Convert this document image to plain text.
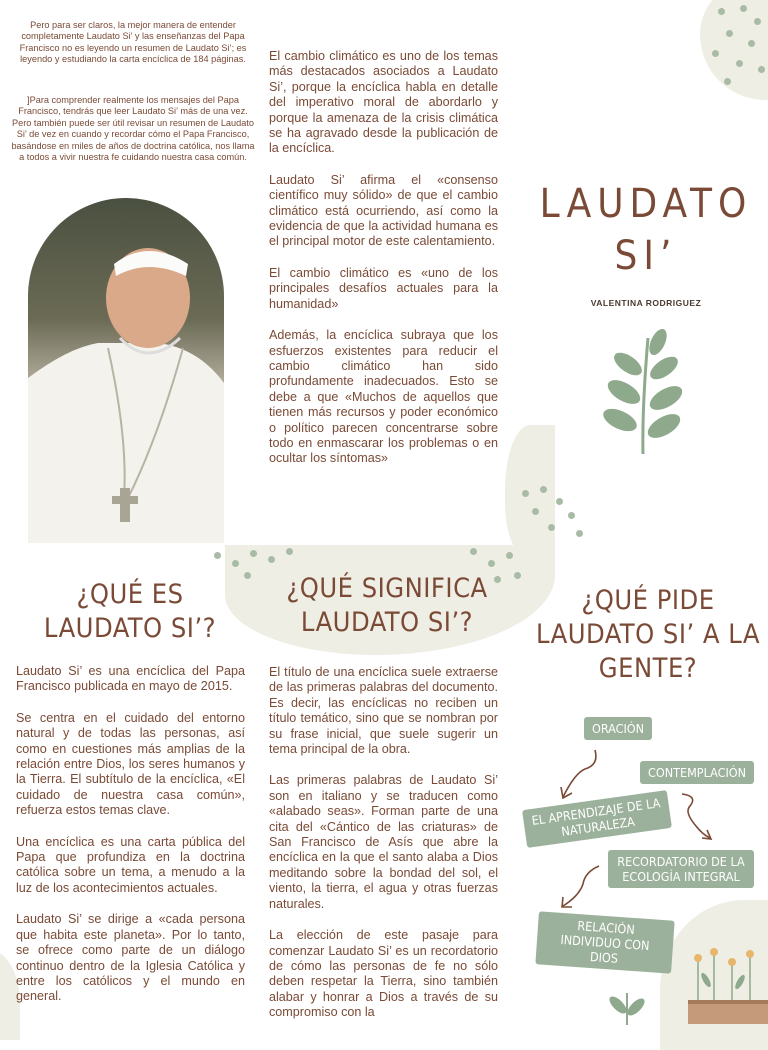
Pero para ser claros, la mejor manera de entender completamente Laudato Si’ y las enseñanzas del Papa Francisco no es leyendo un resumen de Laudato Si’; es leyendo y estudiando la carta encíclica de 184 páginas.
]Para comprender realmente los mensajes del Papa Francisco, tendrás que leer Laudato Si’ más de una vez. Pero también puede ser útil revisar un resumen de Laudato Si’ de vez en cuando y recordar cómo el Papa Francisco, basándose en miles de años de doctrina católica, nos llama a todos a vivir nuestra fe cuidando nuestra casa común.

El cambio climático es uno de los temas más destacados asociados a Laudato Si’, porque la encíclica habla en detalle del imperativo moral de abordarlo y porque la amenaza de la crisis climática se ha agravado desde la publicación de la encíclica.

Laudato Si’ afirma el «consenso científico muy sólido» de que el cambio climático está ocurriendo, así como la evidencia de que la actividad humana es el principal motor de este calentamiento.

El cambio climático es «uno de los principales desafíos actuales para la humanidad»

Además, la encíclica subraya que los esfuerzos existentes para reducir el cambio climático han sido profundamente inadecuados. Esto se debe a que «Muchos de aquellos que tienen más recursos y poder económico o político parecen concentrarse sobre todo en enmascarar los problemas o en ocultar los síntomas»

LAUDATO
SI’
VALENTINA RODRIGUEZ
¿QUÉ ES
LAUDATO SI’?

Laudato Si’ es una encíclica del Papa Francisco publicada en mayo de 2015.

Se centra en el cuidado del entorno natural y de todas las personas, así como en cuestiones más amplias de la relación entre Dios, los seres humanos y la Tierra. El subtítulo de la encíclica, «El cuidado de nuestra casa común», refuerza estos temas clave.

Una encíclica es una carta pública del Papa que profundiza en la doctrina católica sobre un tema, a menudo a la luz de los acontecimientos actuales.

Laudato Si’ se dirige a «cada persona que habita este planeta». Por lo tanto, se ofrece como parte de un diálogo continuo dentro de la Iglesia Católica y entre los católicos y el mundo en general.

¿QUÉ SIGNIFICA
LAUDATO SI’?

El título de una encíclica suele extraerse de las primeras palabras del documento. Es decir, las encíclicas no reciben un título temático, sino que se nombran por su frase inicial, que suele sugerir un tema principal de la obra.

Las primeras palabras de Laudato Si’ son en italiano y se traducen como «alabado seas». Forman parte de una cita del «Cántico de las criaturas» de San Francisco de Asís que abre la encíclica en la que el santo alaba a Dios meditando sobre la bondad del sol, el viento, la tierra, el agua y otras fuerzas naturales.

La elección de este pasaje para comenzar Laudato Si’ es un recordatorio de cómo las personas de fe no sólo deben respetar la Tierra, sino también alabar y honrar a Dios a través de su compromiso con la

¿QUÉ PIDE
LAUDATO SI’ A LA
GENTE?
ORACIÓN
CONTEMPLACIÓN
EL APRENDIZAJE DE LA NATURALEZA
RECORDATORIO DE LA ECOLOGÍA INTEGRAL
RELACIÓN INDIVIDUO CON DIOS
